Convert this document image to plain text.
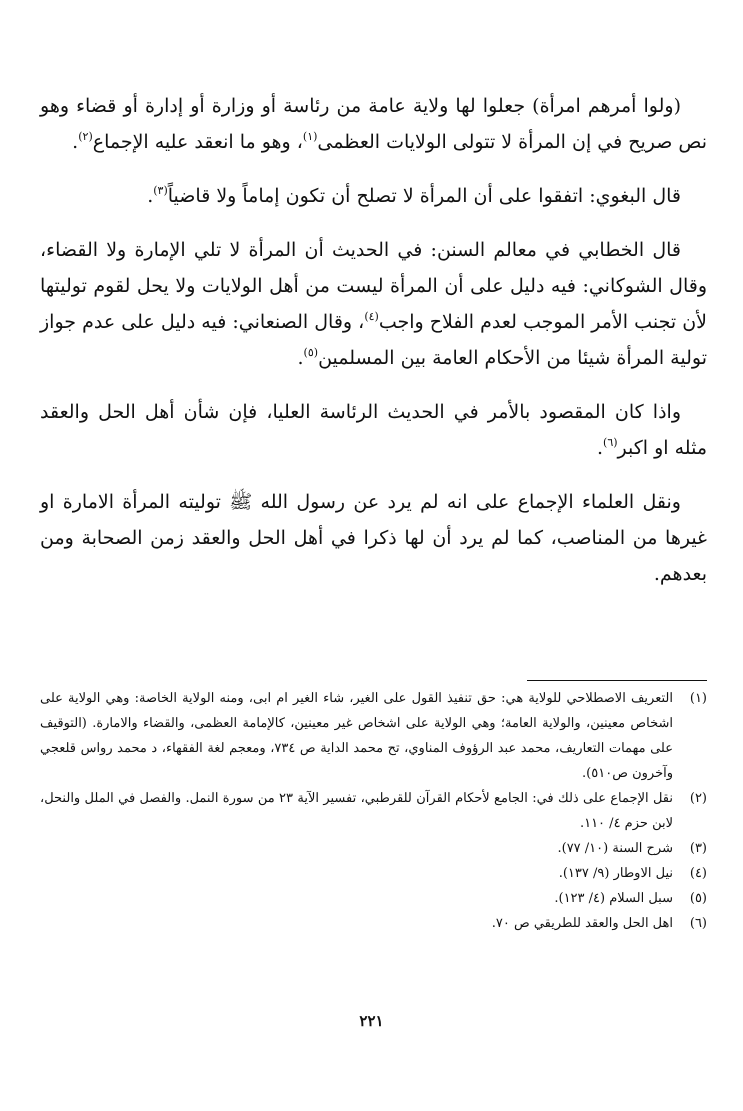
(ولوا أمرهم امرأة) جعلوا لها ولاية عامة من رئاسة أو وزارة أو إدارة أو قضاء وهو نص صريح في إن المرأة لا تتولى الولايات العظمى$^{(١)}$، وهو ما انعقد عليه الإجماع$^{(٢)}$.

قال البغوي: اتفقوا على أن المرأة لا تصلح أن تكون إماماً ولا قاضياً$^{(٣)}$.

قال الخطابي في معالم السنن: في الحديث أن المرأة لا تلي الإمارة ولا القضاء، وقال الشوكاني: فيه دليل على أن المرأة ليست من أهل الولايات ولا يحل لقوم توليتها لأن تجنب الأمر الموجب لعدم الفلاح واجب$^{(٤)}$، وقال الصنعاني: فيه دليل على عدم جواز تولية المرأة شيئا من الأحكام العامة بين المسلمين$^{(٥)}$.

واذا كان المقصود بالأمر في الحديث الرئاسة العليا، فإن شأن أهل الحل والعقد مثله او اكبر$^{(٦)}$.

ونقل العلماء الإجماع على انه لم يرد عن رسول الله ﷺ توليته المرأة الامارة او غيرها من المناصب، كما لم يرد أن لها ذكرا في أهل الحل والعقد زمن الصحابة ومن بعدهم.

(١)
التعريف الاصطلاحي للولاية هي: حق تنفيذ القول على الغير، شاء الغير ام ابى، ومنه الولاية الخاصة: وهي الولاية على اشخاص معينين، والولاية العامة؛ وهي الولاية على اشخاص غير معينين، كالإمامة العظمى، والقضاء والامارة. (التوقيف على مهمات التعاريف، محمد عبد الرؤوف المناوي، تح محمد الداية ص ٧٣٤، ومعجم لغة الفقهاء، د محمد رواس قلعجي وآخرون ص٥١٠).
(٢)
نقل الإجماع على ذلك في: الجامع لأحكام القرآن للقرطبي، تفسير الآية ٢٣ من سورة النمل. والفصل في الملل والنحل، لابن حزم ٤/ ١١٠.
(٣)
شرح السنة (١٠/ ٧٧).
(٤)
نيل الاوطار (٩/ ١٣٧).
(٥)
سبل السلام (٤/ ١٢٣).
(٦)
اهل الحل والعقد للطريقي ص ٧٠.
٢٢١
